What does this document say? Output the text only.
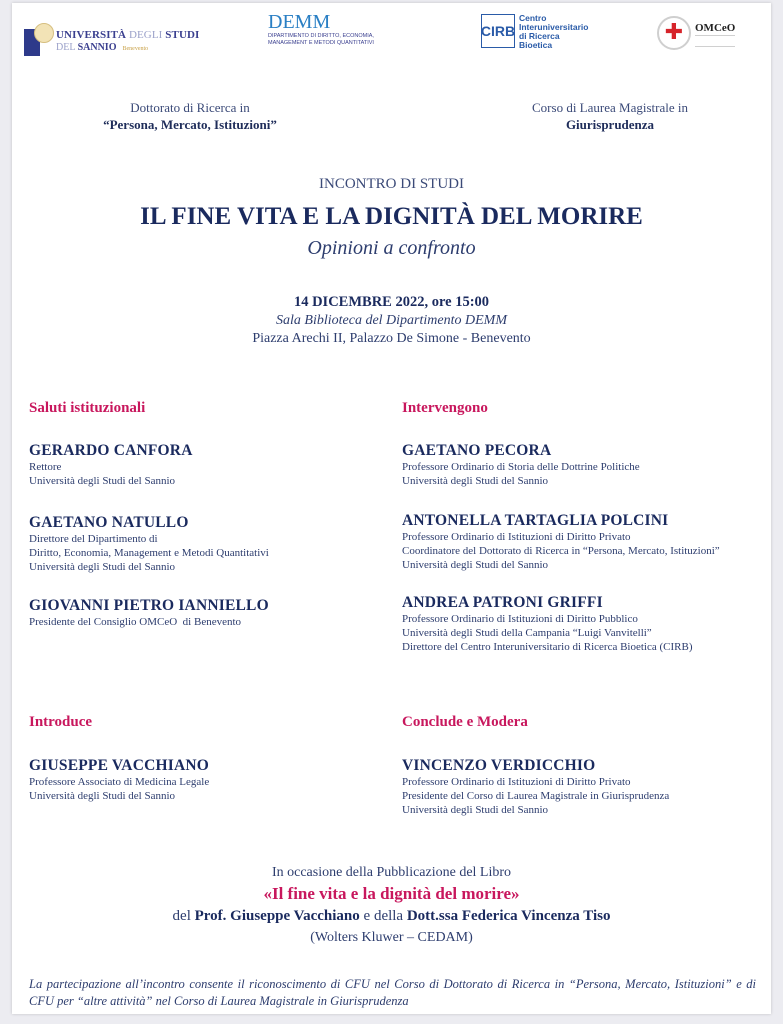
UNIVERSITÀ DEGLI STUDI
DEL SANNIO Benevento
DEMM
DIPARTIMENTO DI DIRITTO, ECONOMIA, MANAGEMENT E METODI QUANTITATIVI
CIRB
Centro
Interuniversitario
di Ricerca
Bioetica	✚ OMCeO
Dottorato di Ricerca in
“Persona, Mercato, Istituzioni”
Corso di Laurea Magistrale in
Giurisprudenza
INCONTRO DI STUDI
IL FINE VITA E LA DIGNITÀ DEL MORIRE
Opinioni a confronto
14 DICEMBRE 2022, ore 15:00
Sala Biblioteca del Dipartimento DEMM
Piazza Arechi II, Palazzo De Simone - Benevento
Saluti istituzionali
GERARDO CANFORA
Rettore
Università degli Studi del Sannio
GAETANO NATULLO
Direttore del Dipartimento di
Diritto, Economia, Management e Metodi Quantitativi
Università degli Studi del Sannio
GIOVANNI PIETRO IANNIELLO
Presidente del Consiglio OMCeO  di Benevento
Intervengono
GAETANO PECORA
Professore Ordinario di Storia delle Dottrine Politiche
Università degli Studi del Sannio
ANTONELLA TARTAGLIA POLCINI
Professore Ordinario di Istituzioni di Diritto Privato
Coordinatore del Dottorato di Ricerca in “Persona, Mercato, Istituzioni”
Università degli Studi del Sannio
ANDREA PATRONI GRIFFI
Professore Ordinario di Istituzioni di Diritto Pubblico
Università degli Studi della Campania “Luigi Vanvitelli”
Direttore del Centro Interuniversitario di Ricerca Bioetica (CIRB)
Introduce
GIUSEPPE VACCHIANO
Professore Associato di Medicina Legale
Università degli Studi del Sannio
Conclude e Modera
VINCENZO VERDICCHIO
Professore Ordinario di Istituzioni di Diritto Privato
Presidente del Corso di Laurea Magistrale in Giurisprudenza
Università degli Studi del Sannio
In occasione della Pubblicazione del Libro
«Il fine vita e la dignità del morire»
del Prof. Giuseppe Vacchiano e della Dott.ssa Federica Vincenza Tiso
(Wolters Kluwer – CEDAM)
La partecipazione all’incontro consente il riconoscimento di CFU nel Corso di Dottorato di Ricerca in “Persona, Mercato, Istituzioni” e di CFU per “altre attività” nel Corso di Laurea Magistrale in Giurisprudenza
